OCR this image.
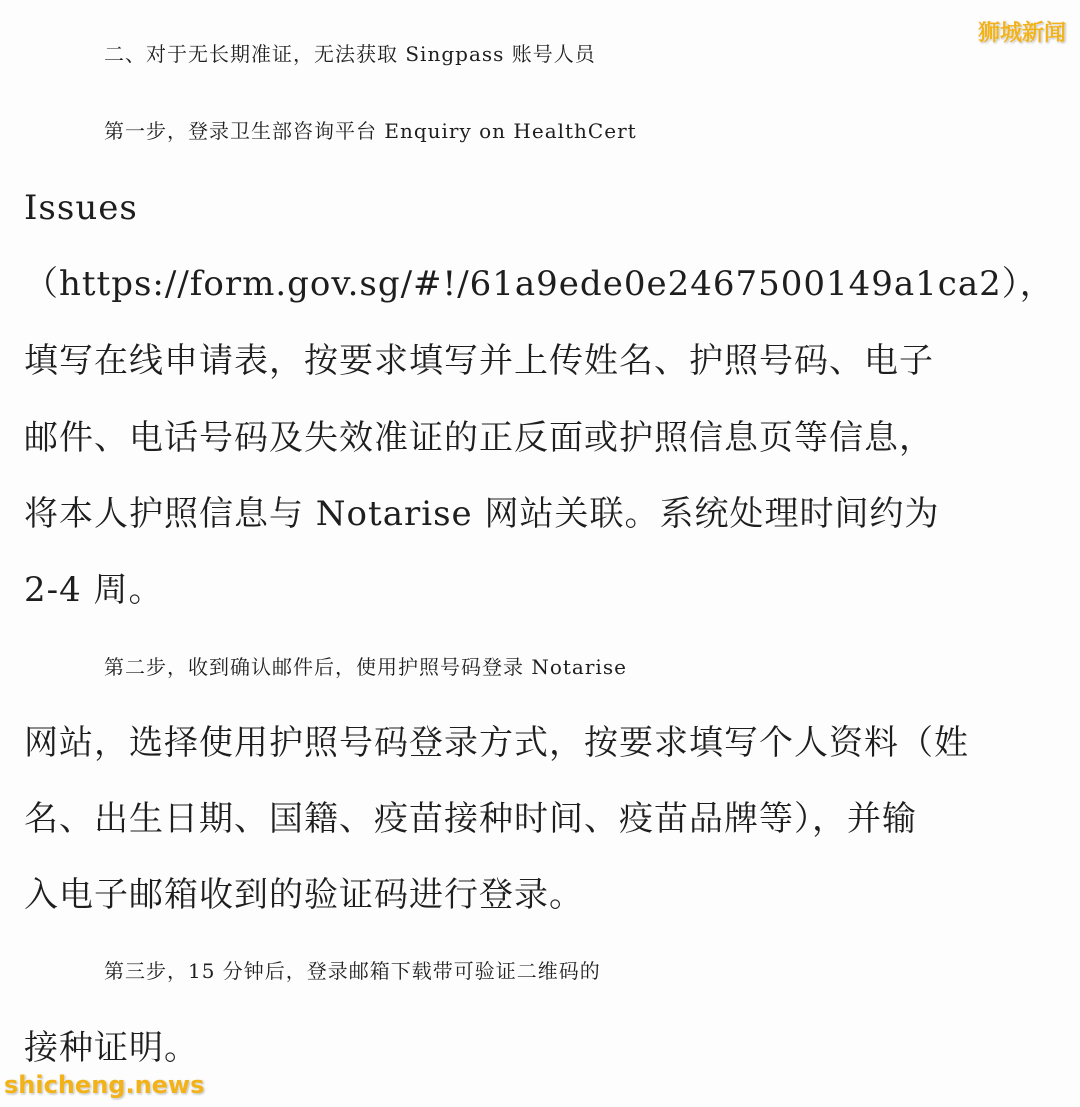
二、对于无长期准证，无法获取 Singpass 账号人员
第一步，登录卫生部咨询平台 Enquiry on HealthCert
Issues
（https://form.gov.sg/#!/61a9ede0e2467500149a1ca2），
填写在线申请表，按要求填写并上传姓名、护照号码、电子
邮件、电话号码及失效准证的正反面或护照信息页等信息，
将本人护照信息与 Notarise 网站关联。系统处理时间约为
2-4 周。
第二步，收到确认邮件后，使用护照号码登录 Notarise
网站，选择使用护照号码登录方式，按要求填写个人资料（姓
名、出生日期、国籍、疫苗接种时间、疫苗品牌等），并输
入电子邮箱收到的验证码进行登录。
第三步，15 分钟后，登录邮箱下载带可验证二维码的
接种证明。
狮城新闻
shicheng.news
